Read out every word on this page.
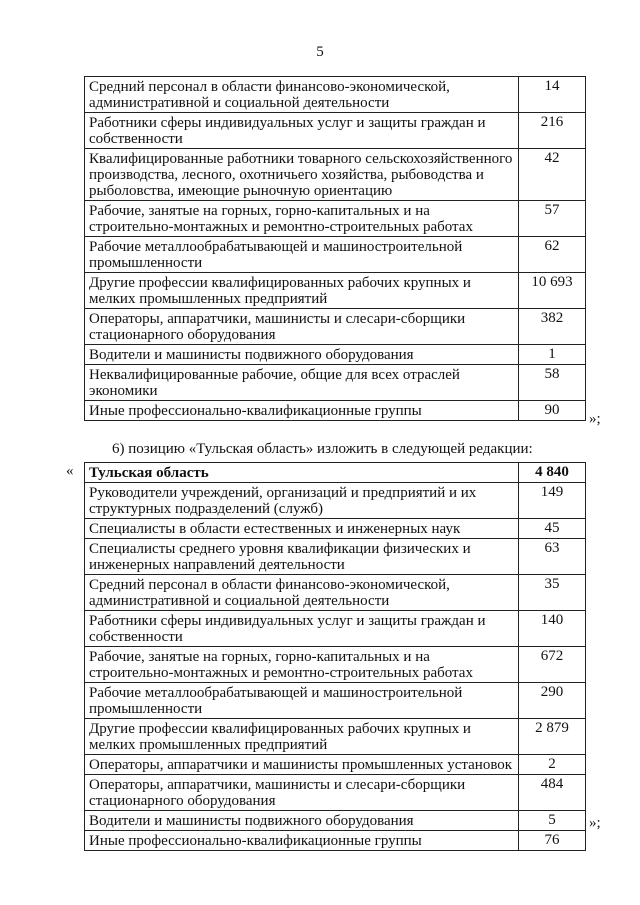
5
Средний персонал в области финансово-экономической, административной и социальной деятельности	14
Работники сферы индивидуальных услуг и защиты граждан и собственности	216
Квалифицированные работники товарного сельскохозяйственного производства, лесного, охотничьего хозяйства, рыбоводства и рыболовства, имеющие рыночную ориентацию	42
Рабочие, занятые на горных, горно-капитальных и на строительно-монтажных и ремонтно-строительных работах	57
Рабочие металлообрабатывающей и машиностроительной промышленности	62
Другие профессии квалифицированных рабочих крупных и мелких промышленных предприятий	10 693
Операторы, аппаратчики, машинисты и слесари-сборщики стационарного оборудования	382
Водители и машинисты подвижного оборудования	1
Неквалифицированные рабочие, общие для всех отраслей экономики	58
Иные профессионально-квалификационные группы	90
»;
6) позицию «Тульская область» изложить в следующей редакции:
« Тульская область	4 840
Руководители учреждений, организаций и предприятий и их структурных подразделений (служб)	149
Специалисты в области естественных и инженерных наук	45
Специалисты среднего уровня квалификации физических и инженерных направлений деятельности	63
Средний персонал в области финансово-экономической, административной и социальной деятельности	35
Работники сферы индивидуальных услуг и защиты граждан и собственности	140
Рабочие, занятые на горных, горно-капитальных и на строительно-монтажных и ремонтно-строительных работах	672
Рабочие металлообрабатывающей и машиностроительной промышленности	290
Другие профессии квалифицированных рабочих крупных и мелких промышленных предприятий	2 879
Операторы, аппаратчики и машинисты промышленных установок	2
Операторы, аппаратчики, машинисты и слесари-сборщики стационарного оборудования	484
Водители и машинисты подвижного оборудования	5
Иные профессионально-квалификационные группы	76
»;
